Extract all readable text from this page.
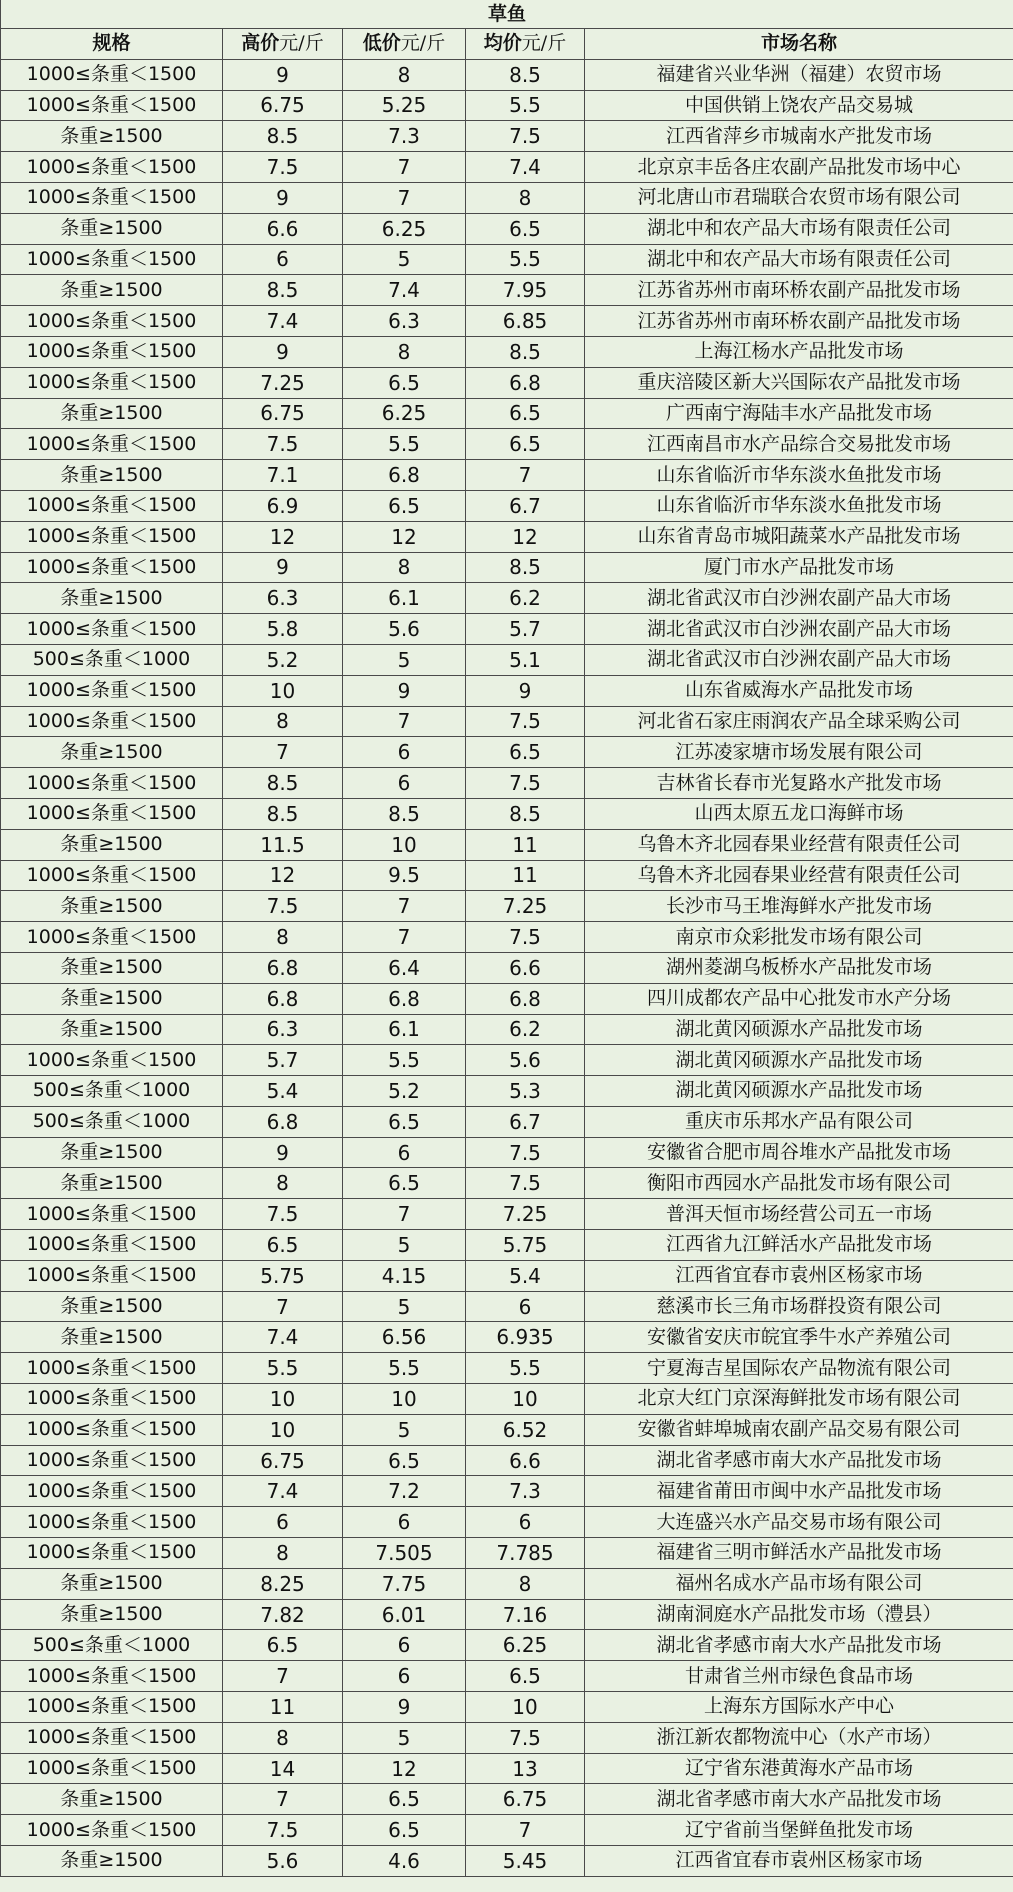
草鱼				
规格	高价元/斤	低价元/斤	均价元/斤	市场名称
1000≤条重＜1500	9	8	8.5	福建省兴业华洲（福建）农贸市场
1000≤条重＜1500	6.75	5.25	5.5	中国供销上饶农产品交易城
条重≥1500	8.5	7.3	7.5	江西省萍乡市城南水产批发市场
1000≤条重＜1500	7.5	7	7.4	北京京丰岳各庄农副产品批发市场中心
1000≤条重＜1500	9	7	8	河北唐山市君瑞联合农贸市场有限公司
条重≥1500	6.6	6.25	6.5	湖北中和农产品大市场有限责任公司
1000≤条重＜1500	6	5	5.5	湖北中和农产品大市场有限责任公司
条重≥1500	8.5	7.4	7.95	江苏省苏州市南环桥农副产品批发市场
1000≤条重＜1500	7.4	6.3	6.85	江苏省苏州市南环桥农副产品批发市场
1000≤条重＜1500	9	8	8.5	上海江杨水产品批发市场
1000≤条重＜1500	7.25	6.5	6.8	重庆涪陵区新大兴国际农产品批发市场
条重≥1500	6.75	6.25	6.5	广西南宁海陆丰水产品批发市场
1000≤条重＜1500	7.5	5.5	6.5	江西南昌市水产品综合交易批发市场
条重≥1500	7.1	6.8	7	山东省临沂市华东淡水鱼批发市场
1000≤条重＜1500	6.9	6.5	6.7	山东省临沂市华东淡水鱼批发市场
1000≤条重＜1500	12	12	12	山东省青岛市城阳蔬菜水产品批发市场
1000≤条重＜1500	9	8	8.5	厦门市水产品批发市场
条重≥1500	6.3	6.1	6.2	湖北省武汉市白沙洲农副产品大市场
1000≤条重＜1500	5.8	5.6	5.7	湖北省武汉市白沙洲农副产品大市场
500≤条重＜1000	5.2	5	5.1	湖北省武汉市白沙洲农副产品大市场
1000≤条重＜1500	10	9	9	山东省威海水产品批发市场
1000≤条重＜1500	8	7	7.5	河北省石家庄雨润农产品全球采购公司
条重≥1500	7	6	6.5	江苏凌家塘市场发展有限公司
1000≤条重＜1500	8.5	6	7.5	吉林省长春市光复路水产批发市场
1000≤条重＜1500	8.5	8.5	8.5	山西太原五龙口海鲜市场
条重≥1500	11.5	10	11	乌鲁木齐北园春果业经营有限责任公司
1000≤条重＜1500	12	9.5	11	乌鲁木齐北园春果业经营有限责任公司
条重≥1500	7.5	7	7.25	长沙市马王堆海鲜水产批发市场
1000≤条重＜1500	8	7	7.5	南京市众彩批发市场有限公司
条重≥1500	6.8	6.4	6.6	湖州菱湖乌板桥水产品批发市场
条重≥1500	6.8	6.8	6.8	四川成都农产品中心批发市水产分场
条重≥1500	6.3	6.1	6.2	湖北黄冈硕源水产品批发市场
1000≤条重＜1500	5.7	5.5	5.6	湖北黄冈硕源水产品批发市场
500≤条重＜1000	5.4	5.2	5.3	湖北黄冈硕源水产品批发市场
500≤条重＜1000	6.8	6.5	6.7	重庆市乐邦水产品有限公司
条重≥1500	9	6	7.5	安徽省合肥市周谷堆水产品批发市场
条重≥1500	8	6.5	7.5	衡阳市西园水产品批发市场有限公司
1000≤条重＜1500	7.5	7	7.25	普洱天恒市场经营公司五一市场
1000≤条重＜1500	6.5	5	5.75	江西省九江鲜活水产品批发市场
1000≤条重＜1500	5.75	4.15	5.4	江西省宜春市袁州区杨家市场
条重≥1500	7	5	6	慈溪市长三角市场群投资有限公司
条重≥1500	7.4	6.56	6.935	安徽省安庆市皖宜季牛水产养殖公司
1000≤条重＜1500	5.5	5.5	5.5	宁夏海吉星国际农产品物流有限公司
1000≤条重＜1500	10	10	10	北京大红门京深海鲜批发市场有限公司
1000≤条重＜1500	10	5	6.52	安徽省蚌埠城南农副产品交易有限公司
1000≤条重＜1500	6.75	6.5	6.6	湖北省孝感市南大水产品批发市场
1000≤条重＜1500	7.4	7.2	7.3	福建省莆田市闽中水产品批发市场
1000≤条重＜1500	6	6	6	大连盛兴水产品交易市场有限公司
1000≤条重＜1500	8	7.505	7.785	福建省三明市鲜活水产品批发市场
条重≥1500	8.25	7.75	8	福州名成水产品市场有限公司
条重≥1500	7.82	6.01	7.16	湖南洞庭水产品批发市场（澧县）
500≤条重＜1000	6.5	6	6.25	湖北省孝感市南大水产品批发市场
1000≤条重＜1500	7	6	6.5	甘肃省兰州市绿色食品市场
1000≤条重＜1500	11	9	10	上海东方国际水产中心
1000≤条重＜1500	8	5	7.5	浙江新农都物流中心（水产市场）
1000≤条重＜1500	14	12	13	辽宁省东港黄海水产品市场
条重≥1500	7	6.5	6.75	湖北省孝感市南大水产品批发市场
1000≤条重＜1500	7.5	6.5	7	辽宁省前当堡鲜鱼批发市场
条重≥1500	5.6	4.6	5.45	江西省宜春市袁州区杨家市场
